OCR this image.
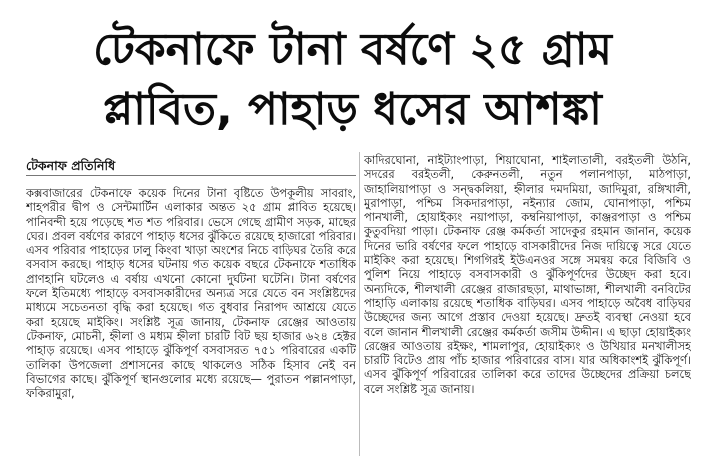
টেকনাফে টানা বর্ষণে ২৫ গ্রাম
প্লাবিত, পাহাড় ধসের আশঙ্কা
টেকনাফ প্রতিনিধি

কক্সবাজারের টেকনাফে কয়েক দিনের টানা বৃষ্টিতে উপকূলীয় সাবরাং, শাহপরীর দ্বীপ ও সেন্টমার্টিন এলাকার অন্তত ২৫ গ্রাম প্লাবিত হয়েছে। পানিবন্দী হয়ে পড়েছে শত শত পরিবার। ভেসে গেছে গ্রামীণ সড়ক, মাছের ঘের। প্রবল বর্ষণের কারণে পাহাড় ধসের ঝুঁকিতে রয়েছে হাজারো পরিবার। এসব পরিবার পাহাড়ের ঢালু কিংবা খাড়া অংশের নিচে বাড়িঘর তৈরি করে বসবাস করছে। পাহাড় ধসের ঘটনায় গত কয়েক বছরে টেকনাফে শতাধিক প্রাণহানি ঘটলেও এ বর্ষায় এখনো কোনো দুর্ঘটনা ঘটেনি। টানা বর্ষণের ফলে ইতিমধ্যে পাহাড়ে বসবাসকারীদের অন্যত্র সরে যেতে বন সংশ্লিষ্টদের মাধ্যমে সচেতনতা বৃদ্ধি করা হয়েছে। গত বুধবার নিরাপদ আশ্রয়ে যেতে করা হয়েছে মাইকিং। সংশ্লিষ্ট সূত্র জানায়, টেকনাফ রেঞ্জের আওতায় টেকনাফ, মোচনী, হ্নীলা ও মধ্যম হ্নীলা চারটি বিট ছয় হাজার ৬২৪ হেক্টর পাহাড় রয়েছে। এসব পাহাড়ে ঝুঁকিপূর্ণ বসবাসরত ৭৫১ পরিবারের একটি তালিকা উপজেলা প্রশাসনের কাছে থাকলেও সঠিক হিসাব নেই বন বিভাগের কাছে। ঝুঁকিপূর্ণ স্থানগুলোর মধ্যে রয়েছে— পুরাতন পল্লানপাড়া, ফকিরামুরা,

কাদিরঘোনা, নাইট্যাংপাড়া, শিয়াঘোনা, শাইলাতালী, বরইতলী উঠনি, সদরের বরইতলী, কেরুনতলী, নতুন পলানপাড়া, মাঠপাড়া, জাহালিয়াপাড়া ও সন্দ্বকলিয়া, হ্নীলার দমদমিয়া, জাদিমুরা, রঙ্গিখালী, মুরাপাড়া, পশ্চিম সিকদারপাড়া, নইন্যার জোম, ঘোনাপাড়া, পশ্চিম পানখালী, হোয়াইক্যং নয়াপাড়া, কম্বনিয়াপাড়া, কাঞ্জরপাড়া ও পশ্চিম কুতুবদিয়া পাড়া। টেকনাফ রেঞ্জ কর্মকর্তা সাদেকুর রহমান জানান, কয়েক দিনের ভারি বর্ষণের ফলে পাহাড়ে বাসকারীদের নিজ দায়িত্বে সরে যেতে মাইকিং করা হয়েছে। শিগগিরই ইউএনওর সঙ্গে সমন্বয় করে বিজিবি ও পুলিশ নিয়ে পাহাড়ে বসবাসকারী ও ঝুঁকিপূর্ণদের উচ্ছেদ করা হবে। অন্যদিকে, শীলখালী রেঞ্জের রাজারছড়া, মাথাভাঙ্গা, শীলখালী বনবিটের পাহাড়ি এলাকায় রয়েছে শতাধিক বাড়িঘর। এসব পাহাড়ে অবৈধ বাড়িঘর উচ্ছেদের জন্য আগে প্রস্তাব দেওয়া হয়েছে। দ্রুতই ব্যবস্থা নেওয়া হবে বলে জানান শীলখালী রেঞ্জের কর্মকর্তা জসীম উদ্দীন। এ ছাড়া হোয়াইক্যং রেঞ্জের আওতায় রইক্ষং, শামলাপুর, হোয়াইক্যং ও উখিয়ার মনখালীসহ চারটি বিটেও প্রায় পাঁচ হাজার পরিবারের বাস। যার অধিকাংশই ঝুঁকিপূর্ণ। এসব ঝুঁকিপূর্ণ পরিবারের তালিকা করে তাদের উচ্ছেদের প্রক্রিয়া চলছে বলে সংশ্লিষ্ট সূত্র জানায়।
